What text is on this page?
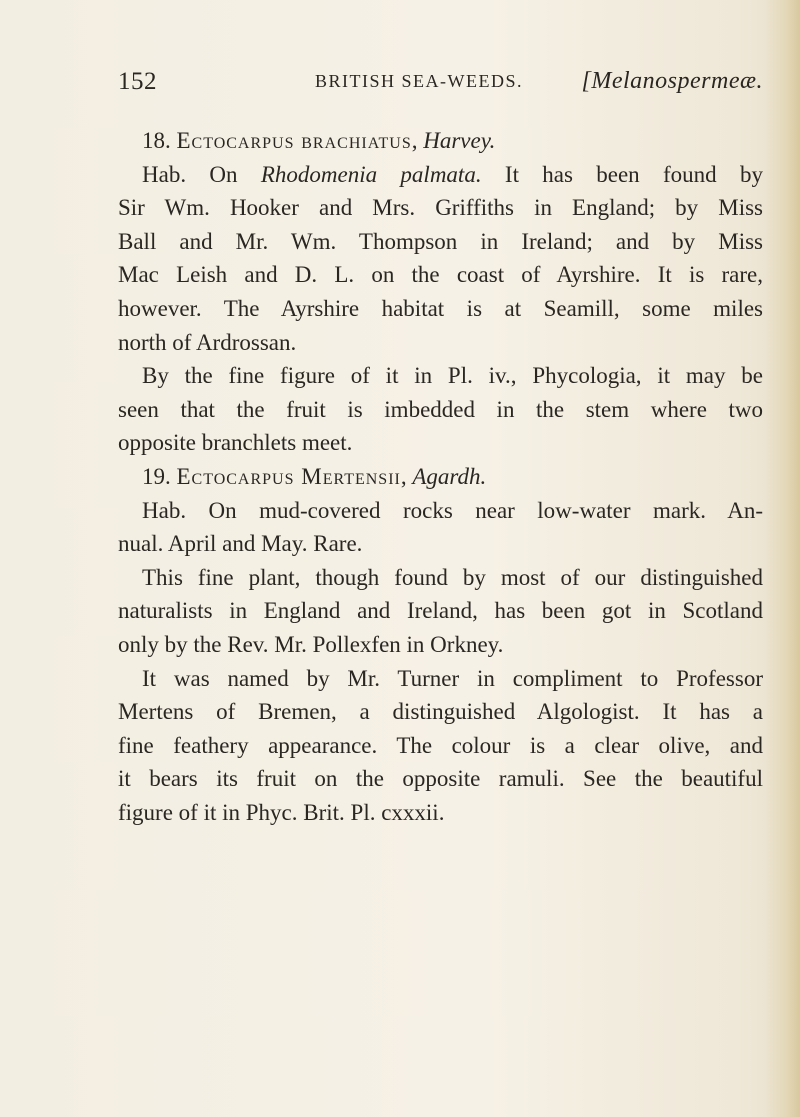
152	BRITISH SEA-WEEDS. [Melanospermeæ.
18. Ectocarpus brachiatus, Harvey.
Hab. On Rhodomenia palmata. It has been found by
Sir Wm. Hooker and Mrs. Griffiths in England; by Miss
Ball and Mr. Wm. Thompson in Ireland; and by Miss
Mac Leish and D. L. on the coast of Ayrshire. It is rare,
however. The Ayrshire habitat is at Seamill, some miles
north of Ardrossan.
By the fine figure of it in Pl. iv., Phycologia, it may be
seen that the fruit is imbedded in the stem where two
opposite branchlets meet.
19. Ectocarpus Mertensii, Agardh.
Hab. On mud-covered rocks near low-water mark. An-
nual. April and May. Rare.
This fine plant, though found by most of our distinguished
naturalists in England and Ireland, has been got in Scotland
only by the Rev. Mr. Pollexfen in Orkney.
It was named by Mr. Turner in compliment to Professor
Mertens of Bremen, a distinguished Algologist. It has a
fine feathery appearance. The colour is a clear olive, and
it bears its fruit on the opposite ramuli. See the beautiful
figure of it in Phyc. Brit. Pl. cxxxii.
